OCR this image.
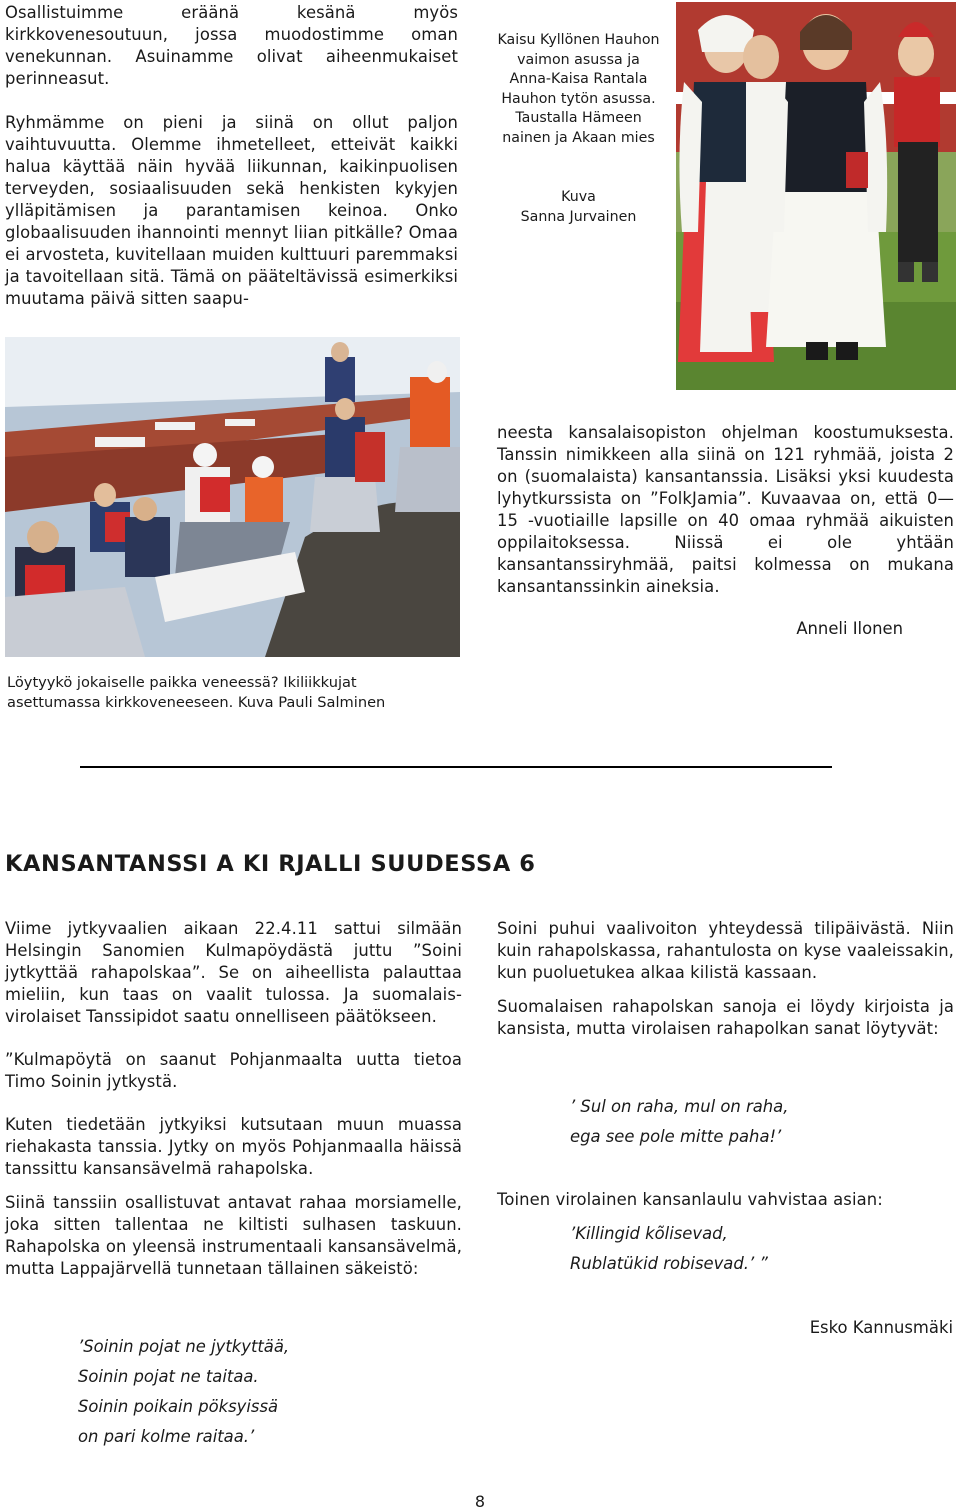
Osallistuimme eräänä kesänä myös kirkkovenesoutuun, jossa muodostimme oman venekunnan. Asuinamme olivat aiheenmukaiset perinneasut.

Ryhmämme on pieni ja siinä on ollut paljon vaihtuvuutta. Olemme ihmetelleet, etteivät kaikki halua käyttää näin hyvää liikunnan, kaikinpuolisen terveyden, sosiaalisuuden sekä henkisten kykyjen ylläpitämisen ja parantamisen keinoa. Onko globaalisuuden ihannointi mennyt liian pitkälle? Omaa ei arvosteta, kuvitellaan muiden kulttuuri paremmaksi ja tavoitellaan sitä. Tämä on pääteltävissä esimerkiksi muutama päivä sitten saapu-

Kaisu Kyllönen Hauhon vaimon asussa ja Anna-Kaisa Rantala Hauhon tytön asussa. Taustalla Hämeen nainen ja Akaan mies
Kuva
Sanna Jurvainen

neesta kansalaisopiston ohjelman koostumuksesta. Tanssin nimikkeen alla siinä on 121 ryhmää, joista 2 on (suomalaista) kansantanssia. Lisäksi yksi kuudesta lyhytkurssista on ”FolkJamia”. Kuvaavaa on, että 0—15 -vuotiaille lapsille on 40 omaa ryhmää aikuisten oppilaitoksessa. Niissä ei ole yhtään kansantanssiryhmää, paitsi kolmessa on mukana kansantanssinkin aineksia.

Anneli Ilonen
Löytyykö jokaiselle paikka veneessä? Ikiliikkujat asettumassa kirkkoveneeseen. Kuva Pauli Salminen
KANSANTANSSI A KI RJALLI SUUDESSA 6

Viime jytkyvaalien aikaan 22.4.11 sattui silmään Helsingin Sanomien Kulmapöydästä juttu ”Soini jytkyttää rahapolskaa”. Se on aiheellista palauttaa mieliin, kun taas on vaalit tulossa. Ja suomalais-virolaiset Tanssipidot saatu onnelliseen päätökseen.

”Kulmapöytä on saanut Pohjanmaalta uutta tietoa Timo Soinin jytkystä.

Kuten tiedetään jytkyiksi kutsutaan muun muassa riehakasta tanssia. Jytky on myös Pohjanmaalla häissä tanssittu kansansävelmä rahapolska.

Siinä tanssiin osallistuvat antavat rahaa morsiamelle, joka sitten tallentaa ne kiltisti sulhasen taskuun. Rahapolska on yleensä instrumentaali kansansävelmä, mutta Lappajärvellä tunnetaan tällainen säkeistö:

’Soinin pojat ne jytkyttää,
Soinin pojat ne taitaa.
Soinin poikain pöksyissä
on pari kolme raitaa.’

Soini puhui vaalivoiton yhteydessä tilipäivästä. Niin kuin rahapolskassa, rahantulosta on kyse vaaleissakin, kun puoluetukea alkaa kilistä kassaan.

Suomalaisen rahapolskan sanoja ei löydy kirjoista ja kansista, mutta virolaisen rahapolkan sanat löytyvät:

’ Sul on raha, mul on raha,
ega see pole mitte paha!’
Toinen virolainen kansanlaulu vahvistaa asian:
’Killingid kõlisevad,
Rublatükid robisevad.’ ”
Esko Kannusmäki
8
